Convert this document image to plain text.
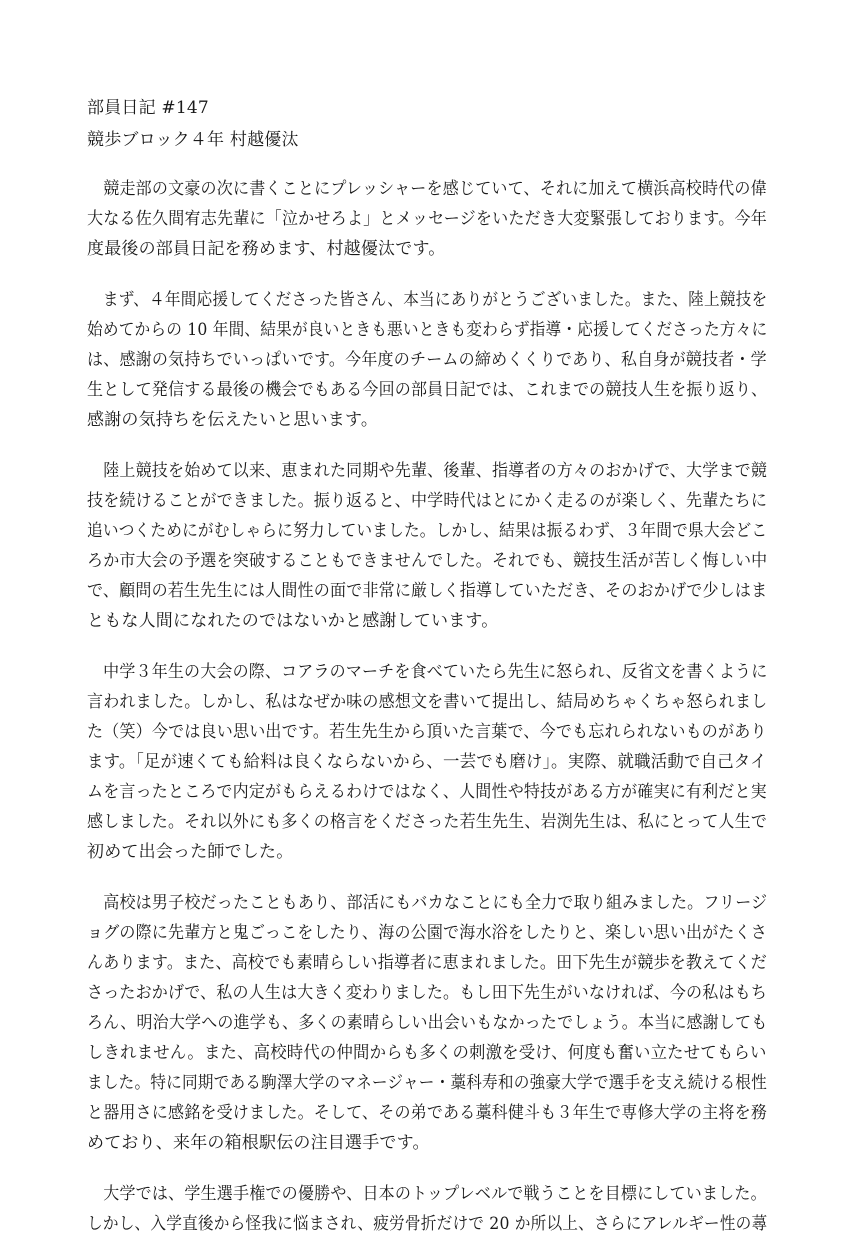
部員日記 #147
競歩ブロック４年 村越優汰
　競走部の文豪の次に書くことにプレッシャーを感じていて、それに加えて横浜高校時代の偉
大なる佐久間宥志先輩に「泣かせろよ」とメッセージをいただき大変緊張しております。今年
度最後の部員日記を務めます、村越優汰です。
　まず、４年間応援してくださった皆さん、本当にありがとうございました。また、陸上競技を
始めてからの 10 年間、結果が良いときも悪いときも変わらず指導・応援してくださった方々に
は、感謝の気持ちでいっぱいです。今年度のチームの締めくくりであり、私自身が競技者・学
生として発信する最後の機会でもある今回の部員日記では、これまでの競技人生を振り返り、
感謝の気持ちを伝えたいと思います。
　陸上競技を始めて以来、恵まれた同期や先輩、後輩、指導者の方々のおかげで、大学まで競
技を続けることができました。振り返ると、中学時代はとにかく走るのが楽しく、先輩たちに
追いつくためにがむしゃらに努力していました。しかし、結果は振るわず、３年間で県大会どこ
ろか市大会の予選を突破することもできませんでした。それでも、競技生活が苦しく悔しい中
で、顧問の若生先生には人間性の面で非常に厳しく指導していただき、そのおかげで少しはま
ともな人間になれたのではないかと感謝しています。
　中学３年生の大会の際、コアラのマーチを食べていたら先生に怒られ、反省文を書くように
言われました。しかし、私はなぜか味の感想文を書いて提出し、結局めちゃくちゃ怒られまし
た（笑）今では良い思い出です。若生先生から頂いた言葉で、今でも忘れられないものがあり
ます。「足が速くても給料は良くならないから、一芸でも磨け」。実際、就職活動で自己タイ
ムを言ったところで内定がもらえるわけではなく、人間性や特技がある方が確実に有利だと実
感しました。それ以外にも多くの格言をくださった若生先生、岩渕先生は、私にとって人生で
初めて出会った師でした。
　高校は男子校だったこともあり、部活にもバカなことにも全力で取り組みました。フリージ
ョグの際に先輩方と鬼ごっこをしたり、海の公園で海水浴をしたりと、楽しい思い出がたくさ
んあります。また、高校でも素晴らしい指導者に恵まれました。田下先生が競歩を教えてくだ
さったおかげで、私の人生は大きく変わりました。もし田下先生がいなければ、今の私はもち
ろん、明治大学への進学も、多くの素晴らしい出会いもなかったでしょう。本当に感謝しても
しきれません。また、高校時代の仲間からも多くの刺激を受け、何度も奮い立たせてもらい
ました。特に同期である駒澤大学のマネージャー・藁科寿和の強豪大学で選手を支え続ける根性
と器用さに感銘を受けました。そして、その弟である藁科健斗も３年生で専修大学の主将を務
めており、来年の箱根駅伝の注目選手です。
　大学では、学生選手権での優勝や、日本のトップレベルで戦うことを目標にしていました。
しかし、入学直後から怪我に悩まされ、疲労骨折だけで 20 か所以上、さらにアレルギー性の蕁
